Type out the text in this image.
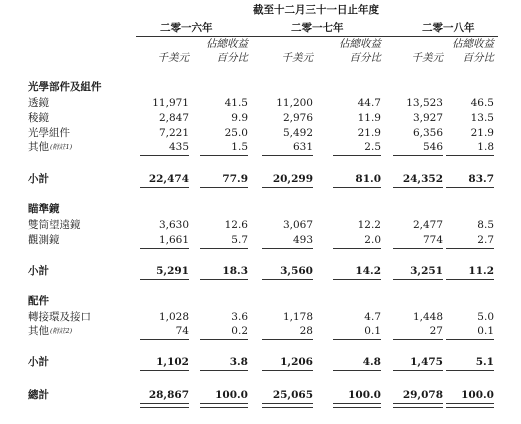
截至十二月三十一日止年度
二零一六年	二零一七年	二零一八年
佔總收益
千美元	百分比
佔總收益
千美元	百分比
佔總收益
千美元	百分比
光學部件及組件
透鏡	11,971	41.5	11,200	44.7	13,523	46.5
稜鏡	2,847	9.9	2,976	11.9	3,927	13.5
光學組件	7,221	25.0	5,492	21.9	6,356	21.9
其他(附註1)	435	1.5	631	2.5	546	1.8
小計	22,474	77.9	20,299	81.0	24,352	83.7
瞄準鏡
雙筒望遠鏡	3,630	12.6	3,067	12.2	2,477	8.5
觀測鏡	1,661	5.7	493	2.0	774	2.7
小計	5,291	18.3	3,560	14.2	3,251	11.2
配件
轉接環及接口	1,028	3.6	1,178	4.7	1,448	5.0
其他(附註2)	74	0.2	28	0.1	27	0.1
小計	1,102	3.8	1,206	4.8	1,475	5.1
總計	28,867	100.0	25,065	100.0	29,078	100.0
